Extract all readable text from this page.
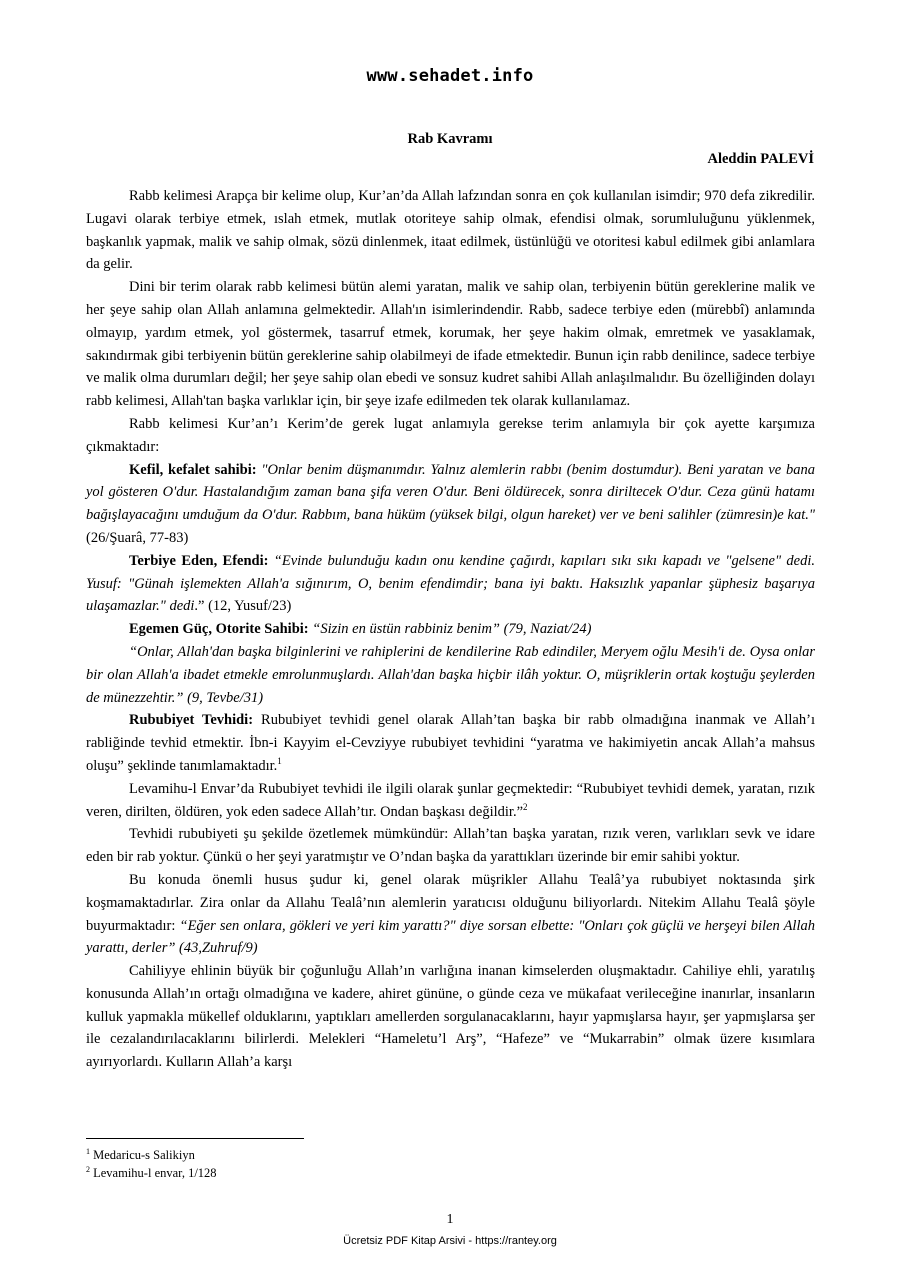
www.sehadet.info
Rab Kavramı
Aleddin PALEVİ

Rabb kelimesi Arapça bir kelime olup, Kur’an’da Allah lafzından sonra en çok kullanılan isimdir; 970 defa zikredilir. Lugavi olarak terbiye etmek, ıslah etmek, mutlak otoriteye sahip olmak, efendisi olmak, sorumluluğunu yüklenmek, başkanlık yapmak, malik ve sahip olmak, sözü dinlenmek, itaat edilmek, üstünlüğü ve otoritesi kabul edilmek gibi anlamlara da gelir.

Dini bir terim olarak rabb kelimesi bütün alemi yaratan, malik ve sahip olan, terbiyenin bütün gereklerine malik ve her şeye sahip olan Allah anlamına gelmektedir. Allah'ın isimlerindendir. Rabb, sadece terbiye eden (mürebbî) anlamında olmayıp, yardım etmek, yol göstermek, tasarruf etmek, korumak, her şeye hakim olmak, emretmek ve yasaklamak, sakındırmak gibi terbiyenin bütün gereklerine sahip olabilmeyi de ifade etmektedir. Bunun için rabb denilince, sadece terbiye ve malik olma durumları değil; her şeye sahip olan ebedi ve sonsuz kudret sahibi Allah anlaşılmalıdır. Bu özelliğinden dolayı rabb kelimesi, Allah'tan başka varlıklar için, bir şeye izafe edilmeden tek olarak kullanılamaz.

Rabb kelimesi Kur’an’ı Kerim’de gerek lugat anlamıyla gerekse terim anlamıyla bir çok ayette karşımıza çıkmaktadır:

Kefil, kefalet sahibi: "Onlar benim düşmanımdır. Yalnız alemlerin rabbı (benim dostumdur). Beni yaratan ve bana yol gösteren O'dur. Hastalandığım zaman bana şifa veren O'dur. Beni öldürecek, sonra diriltecek O'dur. Ceza günü hatamı bağışlayacağını umduğum da O'dur. Rabbım, bana hüküm (yüksek bilgi, olgun hareket) ver ve beni salihler (zümresin)e kat." (26/Şuarâ, 77-83)

Terbiye Eden, Efendi: “Evinde bulunduğu kadın onu kendine çağırdı, kapıları sıkı sıkı kapadı ve "gelsene" dedi. Yusuf: "Günah işlemekten Allah'a sığınırım, O, benim efendimdir; bana iyi baktı. Haksızlık yapanlar şüphesiz başarıya ulaşamazlar." dedi.” (12, Yusuf/23)

Egemen Güç, Otorite Sahibi: “Sizin en üstün rabbiniz benim” (79, Naziat/24)

“Onlar, Allah'dan başka bilginlerini ve rahiplerini de kendilerine Rab edindiler, Meryem oğlu Mesih'i de. Oysa onlar bir olan Allah'a ibadet etmekle emrolunmuşlardı. Allah'dan başka hiçbir ilâh yoktur. O, müşriklerin ortak koştuğu şeylerden de münezzehtir.” (9, Tevbe/31)

Rububiyet Tevhidi: Rububiyet tevhidi genel olarak Allah’tan başka bir rabb olmadığına inanmak ve Allah’ı rabliğinde tevhid etmektir. İbn-i Kayyim el-Cevziyye rububiyet tevhidini “yaratma ve hakimiyetin ancak Allah’a mahsus oluşu” şeklinde tanımlamaktadır.$^1$

Levamihu-l Envar’da Rububiyet tevhidi ile ilgili olarak şunlar geçmektedir: “Rububiyet tevhidi demek, yaratan, rızık veren, dirilten, öldüren, yok eden sadece Allah’tır. Ondan başkası değildir.”$^2$

Tevhidi rububiyeti şu şekilde özetlemek mümkündür: Allah’tan başka yaratan, rızık veren, varlıkları sevk ve idare eden bir rab yoktur. Çünkü o her şeyi yaratmıştır ve O’ndan başka da yarattıkları üzerinde bir emir sahibi yoktur.

Bu konuda önemli husus şudur ki, genel olarak müşrikler Allahu Tealâ’ya rububiyet noktasında şirk koşmamaktadırlar. Zira onlar da Allahu Tealâ’nın alemlerin yaratıcısı olduğunu biliyorlardı. Nitekim Allahu Tealâ şöyle buyurmaktadır: “Eğer sen onlara, gökleri ve yeri kim yarattı?" diye sorsan elbette: "Onları çok güçlü ve herşeyi bilen Allah yarattı, derler” (43,Zuhruf/9)

Cahiliyye ehlinin büyük bir çoğunluğu Allah’ın varlığına inanan kimselerden oluşmaktadır. Cahiliye ehli, yaratılış konusunda Allah’ın ortağı olmadığına ve kadere, ahiret gününe, o günde ceza ve mükafaat verileceğine inanırlar, insanların kulluk yapmakla mükellef olduklarını, yaptıkları amellerden sorgulanacaklarını, hayır yapmışlarsa hayır, şer yapmışlarsa şer ile cezalandırılacaklarını bilirlerdi. Melekleri “Hameletu’l Arş”, “Hafeze” ve “Mukarrabin” olmak üzere kısımlara ayırıyorlardı. Kulların Allah’a karşı

$^1$ Medaricu-s Salikiyn
$^2$ Levamihu-l envar, 1/128
1
Ücretsiz PDF Kitap Arsivi - https://rantey.org
